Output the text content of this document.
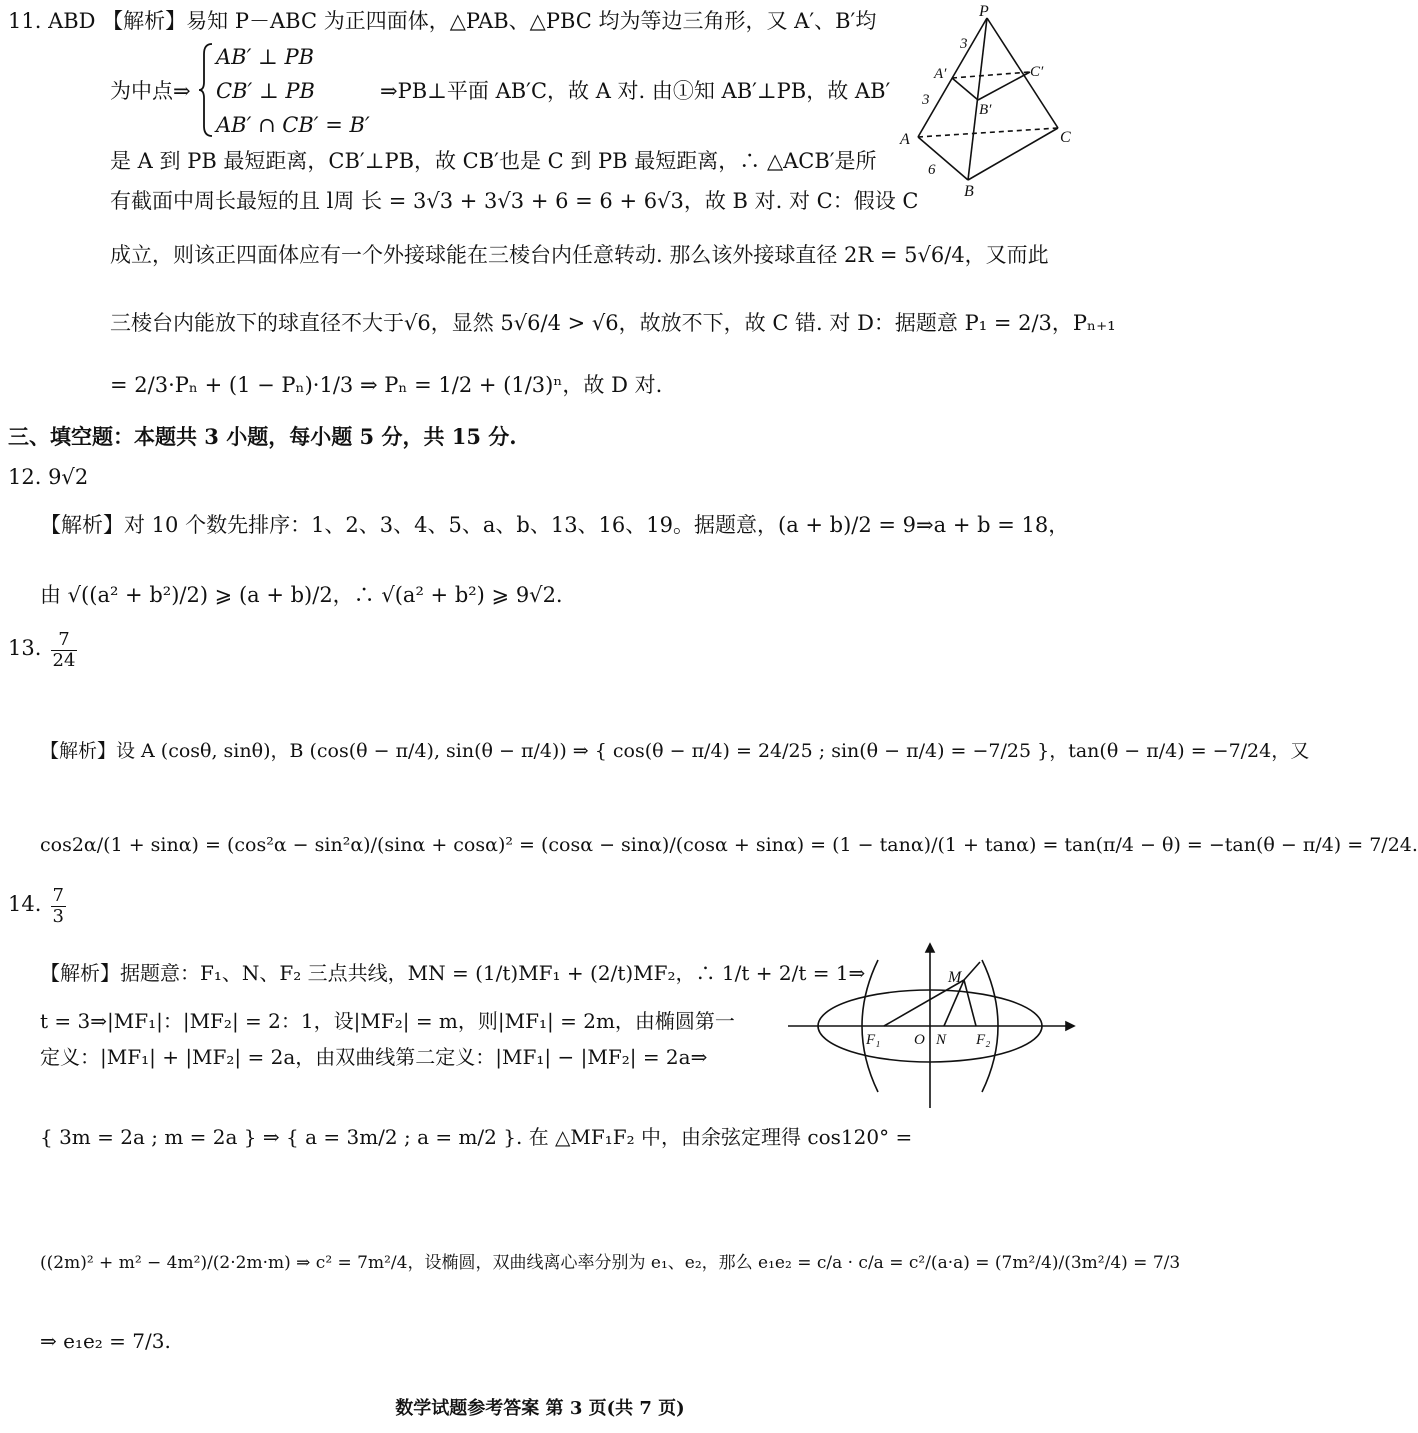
11. ABD 【解析】易知 P－ABC 为正四面体，△PAB、△PBC 均为等边三角形，又 A′、B′均
为中点⇒
AB′ ⊥ PB
CB′ ⊥ PB
AB′ ∩ CB′ = B′
⇒PB⊥平面 AB′C，故 A 对. 由①知 AB′⊥PB，故 AB′
是 A 到 PB 最短距离，CB′⊥PB，故 CB′也是 C 到 PB 最短距离，∴ △ACB′是所
有截面中周长最短的且 l周 长 = 3√3 + 3√3 + 6 = 6 + 6√3，故 B 对. 对 C：假设 C
成立，则该正四面体应有一个外接球能在三棱台内任意转动. 那么该外接球直径 2R = 5√6/4，又而此
三棱台内能放下的球直径不大于√6，显然 5√6/4 > √6，故放不下，故 C 错. 对 D：据题意 P₁ = 2/3，Pₙ₊₁
= 2/3·Pₙ + (1 − Pₙ)·1/3 ⇒ Pₙ = 1/2 + (1/3)ⁿ，故 D 对.
P
3
A′	C′
3
B′
A	C
6
B
三、填空题：本题共 3 小题，每小题 5 分，共 15 分.
12. 9√2
【解析】对 10 个数先排序：1、2、3、4、5、a、b、13、16、19。据题意，(a + b)/2 = 9⇒a + b = 18，
由 √((a² + b²)/2) ⩾ (a + b)/2，∴ √(a² + b²) ⩾ 9√2.
13. $\frac{7}{24}$
【解析】设 A (cosθ, sinθ)，B (cos(θ − π/4), sin(θ − π/4)) ⇒ { cos(θ − π/4) = 24/25 ; sin(θ − π/4) = −7/25 }，tan(θ − π/4) = −7/24，又
cos2α/(1 + sinα) = (cos²α − sin²α)/(sinα + cosα)² = (cosα − sinα)/(cosα + sinα) = (1 − tanα)/(1 + tanα) = tan(π/4 − θ) = −tan(θ − π/4) = 7/24.
14. $\frac{7}{3}$
【解析】据题意：F₁、N、F₂ 三点共线，MN = (1/t)MF₁ + (2/t)MF₂，∴ 1/t + 2/t = 1⇒
t = 3⇒|MF₁|：|MF₂| = 2：1，设|MF₂| = m，则|MF₁| = 2m，由椭圆第一
定义：|MF₁| + |MF₂| = 2a，由双曲线第二定义：|MF₁| − |MF₂| = 2a⇒
{ 3m = 2a ; m = 2a } ⇒ { a = 3m/2 ; a = m/2 }. 在 △MF₁F₂ 中，由余弦定理得 cos120° =
((2m)² + m² − 4m²)/(2·2m·m) ⇒ c² = 7m²/4，设椭圆，双曲线离心率分别为 e₁、e₂，那么 e₁e₂ = c/a · c/a = c²/(a·a) = (7m²/4)/(3m²/4) = 7/3
⇒ e₁e₂ = 7/3.
M
F₁ O N F₂
数学试题参考答案 第 3 页(共 7 页)
